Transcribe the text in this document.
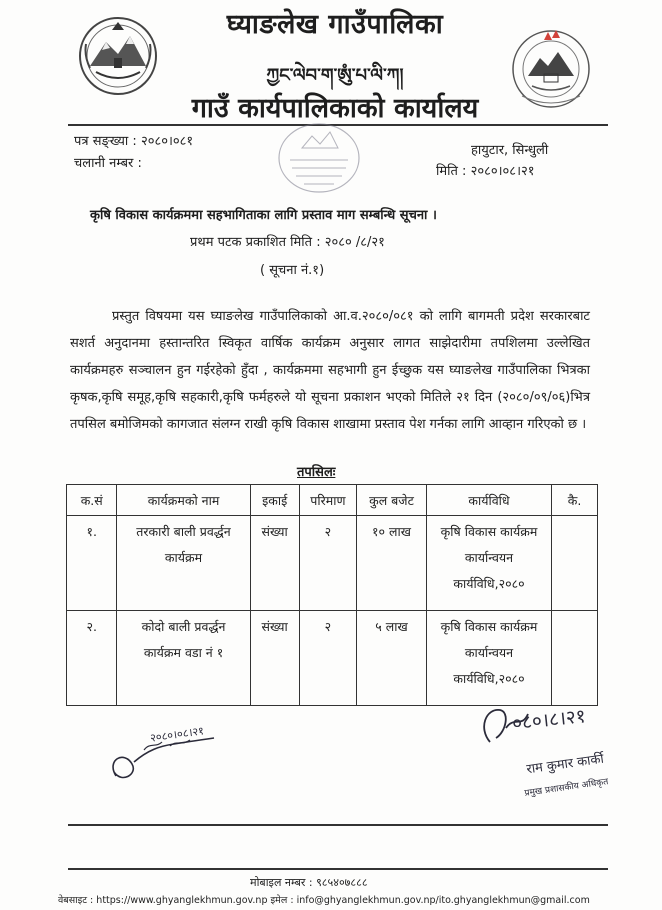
घ्याङलेख गाउँपालिका
ཀྱང་ལེབ་ག་ཨུཾ་པ་ལི་ཀ།
गाउँ कार्यपालिकाको कार्यालय
पत्र सङ्ख्या : २०८०।०८१
चलानी नम्बर :
हायुटार, सिन्धुली
मिति : २०८०।०८।२१
कृषि विकास कार्यक्रममा सहभागिताका लागि प्रस्ताव माग सम्बन्धि सूचना ।
प्रथम पटक प्रकाशित मिति : २०८० /८/२१
( सूचना नं.१)
प्रस्तुत विषयमा यस घ्याङलेख गाउँपालिकाको आ.व.२०८०/०८१ को लागि बागमती प्रदेश सरकारबाट सशर्त अनुदानमा हस्तान्तरित स्विकृत वार्षिक कार्यक्रम अनुसार लागत साझेदारीमा तपशिलमा उल्लेखित कार्यक्रमहरु सञ्चालन हुन गईरहेको हुँदा , कार्यक्रममा सहभागी हुन ईच्छुक यस घ्याङलेख गाउँपालिका भित्रका कृषक,कृषि समूह,कृषि सहकारी,कृषि फर्महरुले यो सूचना प्रकाशन भएको मितिले २१ दिन (२०८०/०९/०६)भित्र तपसिल बमोजिमको कागजात संलग्न राखी कृषि विकास शाखामा प्रस्ताव पेश गर्नका लागि आव्हान गरिएको छ ।
तपसिलः
क.सं	कार्यक्रमको नाम	इकाई	परिमाण	कुल बजेट	कार्यविधि	कै.
१.	तरकारी बाली प्रवर्द्धन कार्यक्रम	संख्या	२	१० लाख	कृषि विकास कार्यक्रम कार्यान्वयन कार्यविधि,२०८०	
२.	कोदो बाली प्रवर्द्धन कार्यक्रम वडा नं १	संख्या	२	५ लाख	कृषि विकास कार्यक्रम कार्यान्वयन कार्यविधि,२०८०	
२०८०।०८।२१	०८०।८।२१
राम कुमार कार्की
प्रमुख प्रशासकीय अधिकृत
मोबाइल नम्बर : ९८५४०७८८८
वेबसाइट : https://www.ghyanglekhmun.gov.np इमेल : info@ghyanglekhmun.gov.np/ito.ghyanglekhmun@gmail.com
